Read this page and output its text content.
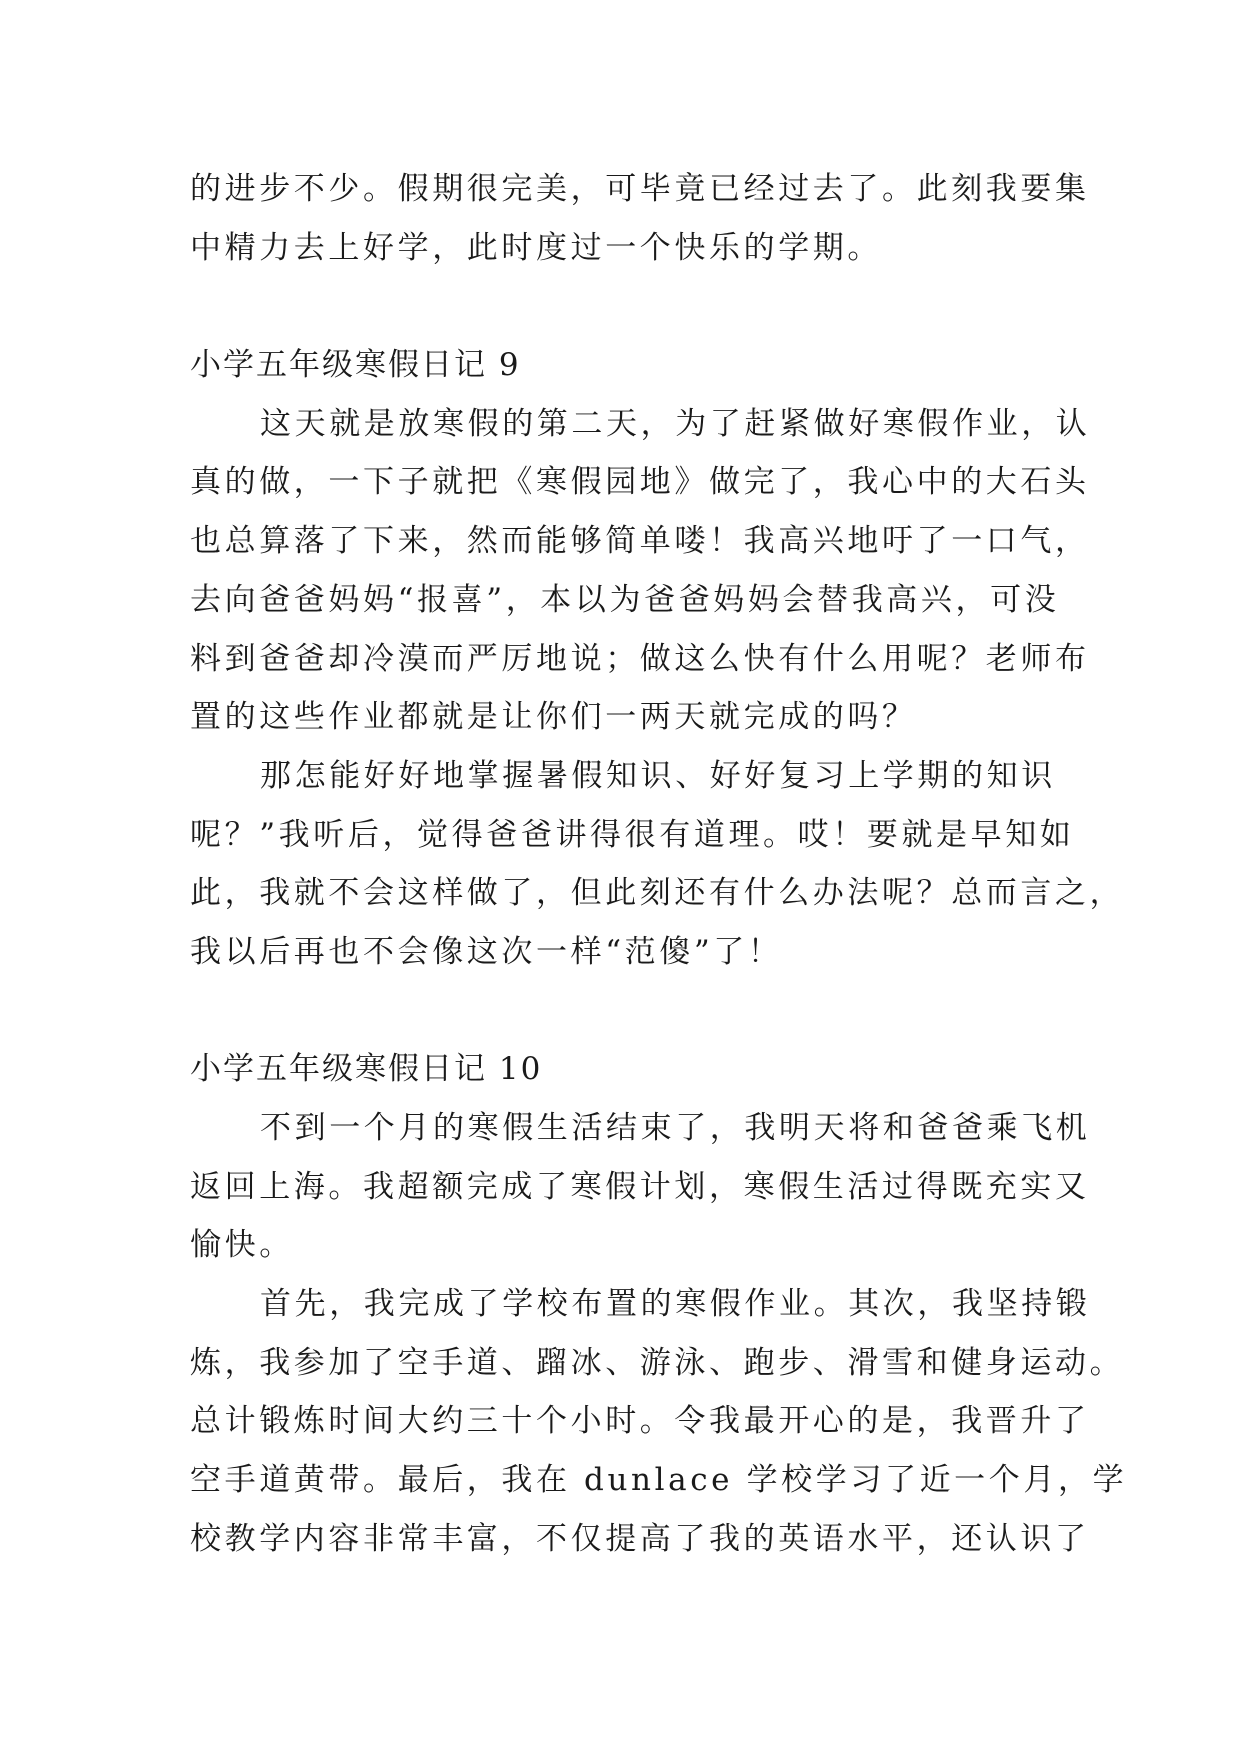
的进步不少。假期很完美，可毕竟已经过去了。此刻我要集
中精力去上好学，此时度过一个快乐的学期。
小学五年级寒假日记 9
这天就是放寒假的第二天，为了赶紧做好寒假作业，认
真的做，一下子就把《寒假园地》做完了，我心中的大石头
也总算落了下来，然而能够简单喽！我高兴地吁了一口气，
去向爸爸妈妈“报喜”，本以为爸爸妈妈会替我高兴，可没
料到爸爸却冷漠而严厉地说；做这么快有什么用呢？老师布
置的这些作业都就是让你们一两天就完成的吗？
那怎能好好地掌握暑假知识、好好复习上学期的知识
呢？”我听后，觉得爸爸讲得很有道理。哎！要就是早知如
此，我就不会这样做了，但此刻还有什么办法呢？总而言之，
我以后再也不会像这次一样“范傻”了！
小学五年级寒假日记 10
不到一个月的寒假生活结束了，我明天将和爸爸乘飞机
返回上海。我超额完成了寒假计划，寒假生活过得既充实又
愉快。
首先，我完成了学校布置的寒假作业。其次，我坚持锻
炼，我参加了空手道、蹓冰、游泳、跑步、滑雪和健身运动。
总计锻炼时间大约三十个小时。令我最开心的是，我晋升了
空手道黄带。最后，我在 dunlace 学校学习了近一个月，学
校教学内容非常丰富，不仅提高了我的英语水平，还认识了
